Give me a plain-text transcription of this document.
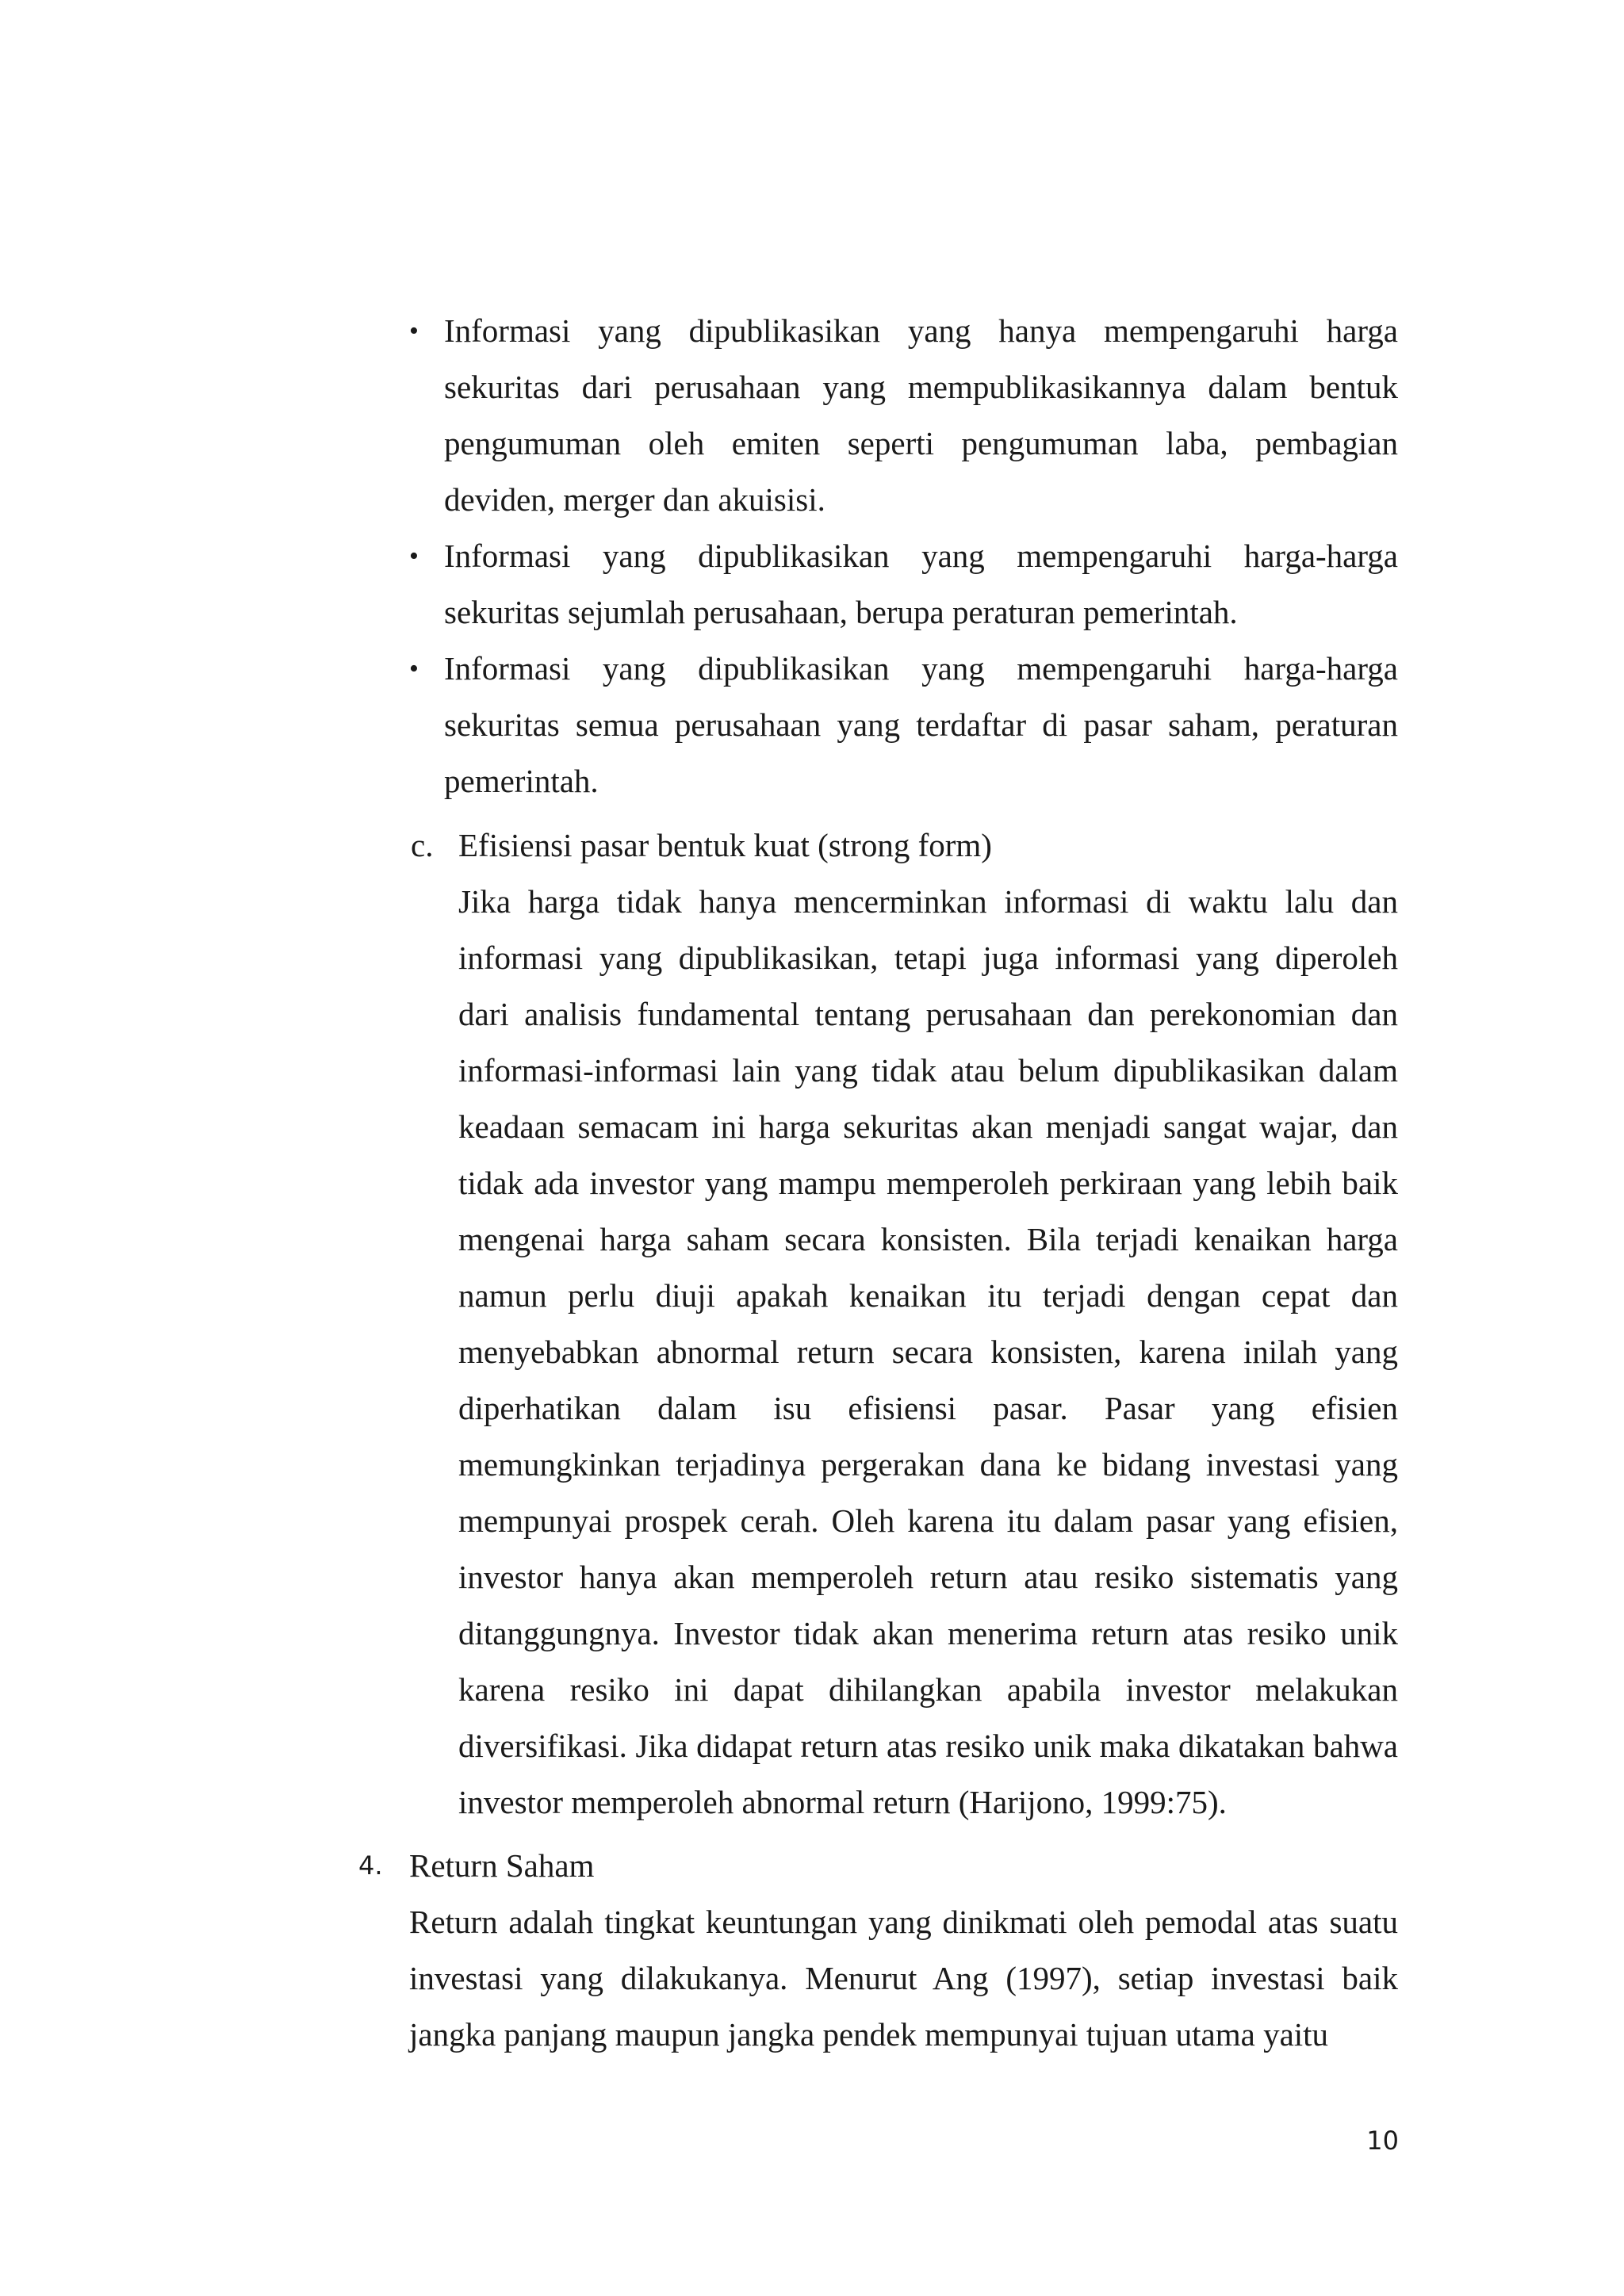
• Informasi yang dipublikasikan yang hanya mempengaruhi harga sekuritas dari perusahaan yang mempublikasikannya dalam bentuk pengumuman oleh emiten seperti pengumuman laba, pembagian deviden, merger dan akuisisi.

• Informasi yang dipublikasikan yang mempengaruhi harga-harga sekuritas sejumlah perusahaan, berupa peraturan pemerintah.

• Informasi yang dipublikasikan yang mempengaruhi harga-harga sekuritas semua perusahaan yang terdaftar di pasar saham, peraturan pemerintah.

c. Efisiensi pasar bentuk kuat (strong form)

Jika harga tidak hanya mencerminkan informasi di waktu lalu dan informasi yang dipublikasikan, tetapi juga informasi yang diperoleh dari analisis fundamental tentang perusahaan dan perekonomian dan informasi-informasi lain yang tidak atau belum dipublikasikan dalam keadaan semacam ini harga sekuritas akan menjadi sangat wajar, dan tidak ada investor yang mampu memperoleh perkiraan yang lebih baik mengenai harga saham secara konsisten. Bila terjadi kenaikan harga namun perlu diuji apakah kenaikan itu terjadi dengan cepat dan menyebabkan abnormal return secara konsisten, karena inilah yang diperhatikan dalam isu efisiensi pasar. Pasar yang efisien memungkinkan terjadinya pergerakan dana ke bidang investasi yang mempunyai prospek cerah. Oleh karena itu dalam pasar yang efisien, investor hanya akan memperoleh return atau resiko sistematis yang ditanggungnya. Investor tidak akan menerima return atas resiko unik karena resiko ini dapat dihilangkan apabila investor melakukan diversifikasi. Jika didapat return atas resiko unik maka dikatakan bahwa investor memperoleh abnormal return (Harijono, 1999:75).

4. Return Saham

Return adalah tingkat keuntungan yang dinikmati oleh pemodal atas suatu investasi yang dilakukanya. Menurut Ang (1997), setiap investasi baik jangka panjang maupun jangka pendek mempunyai tujuan utama yaitu

10
